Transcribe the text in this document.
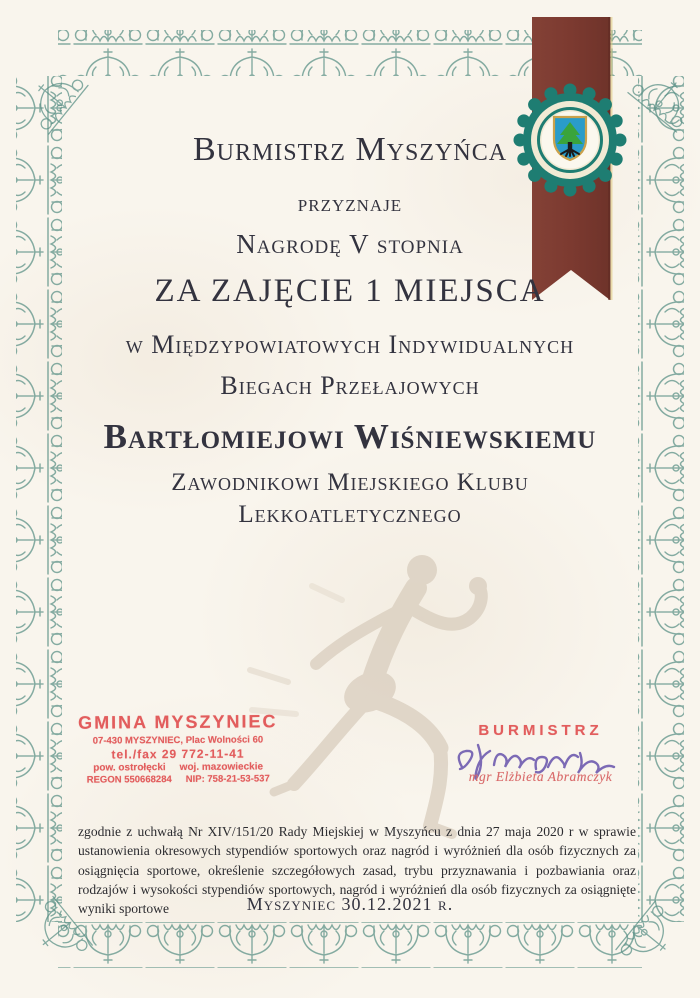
Burmistrz Myszyńca
przyznaje
Nagrodę V stopnia
ZA ZAJĘCIE 1 MIEJSCA
w Międzypowiatowych Indywidualnych
Biegach Przełajowych
Bartłomiejowi Wiśniewskiemu
Zawodnikowi Miejskiego Klubu
Lekkoatletycznego
GMINA MYSZYNIEC
07-430 MYSZYNIEC, Plac Wolności 60
tel./fax 29 772-11-41
pow. ostrołęcki woj. mazowieckie
REGON 550668284 NIP: 758-21-53-537
BURMISTRZ
mgr Elżbieta Abramczyk
zgodnie z uchwałą Nr XIV/151/20 Rady Miejskiej w Myszyńcu z dnia 27 maja 2020 r w sprawie ustanowienia okresowych stypendiów sportowych oraz nagród i wyróżnień dla osób fizycznych za osiągnięcia sportowe, określenie szczegółowych zasad, trybu przyznawania i pozbawiania oraz rodzajów i wysokości stypendiów sportowych, nagród i wyróżnień dla osób fizycznych za osiągnięte wyniki sportowe	Myszyniec 30.12.2021 r.
